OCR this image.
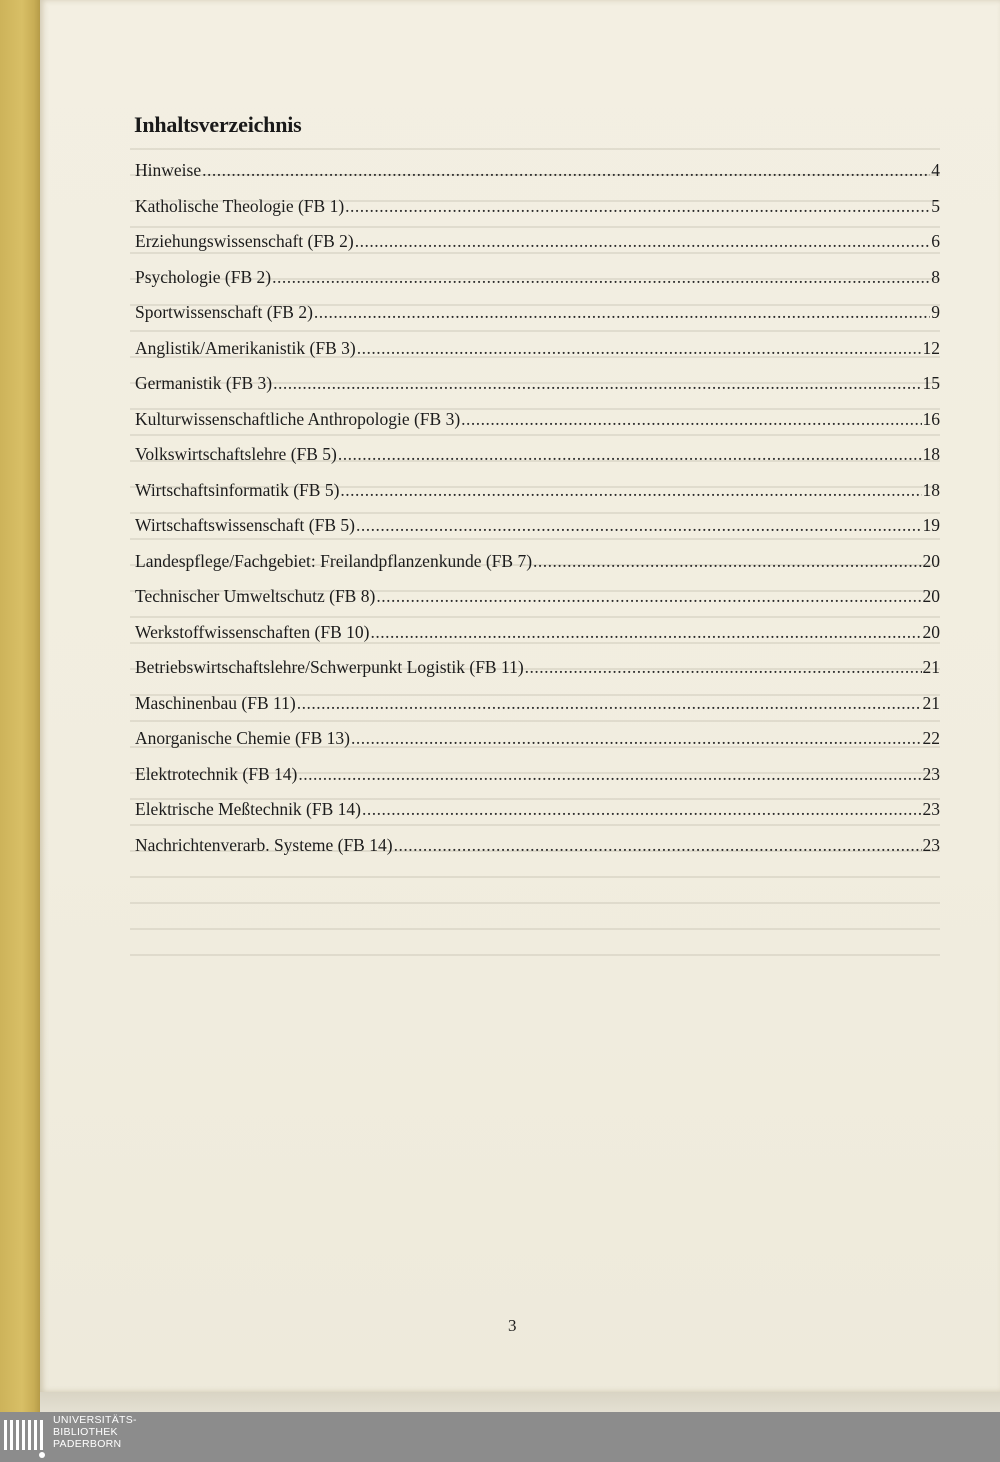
Inhaltsverzeichnis
Hinweise .....	4
Katholische Theologie (FB 1) .....	5
Erziehungswissenschaft (FB 2) .....	6
Psychologie (FB 2) .....	8
Sportwissenschaft (FB 2) .....	9
Anglistik/Amerikanistik (FB 3) .....	12
Germanistik (FB 3) .....	15
Kulturwissenschaftliche Anthropologie (FB 3) .....	16
Volkswirtschaftslehre (FB 5) .....	18
Wirtschaftsinformatik (FB 5) .....	18
Wirtschaftswissenschaft (FB 5) .....	19
Landespflege/Fachgebiet: Freilandpflanzenkunde (FB 7) .....	20
Technischer Umweltschutz (FB 8) .....	20
Werkstoffwissenschaften (FB 10) .....	20
Betriebswirtschaftslehre/Schwerpunkt Logistik (FB 11) .....	21
Maschinenbau (FB 11) .....	21
Anorganische Chemie (FB 13) .....	22
Elektrotechnik (FB 14) .....	23
Elektrische Meßtechnik (FB 14) .....	23
Nachrichtenverarb. Systeme (FB 14) .....	23
3
UNIVERSITÄTS-
BIBLIOTHEK
PADERBORN
